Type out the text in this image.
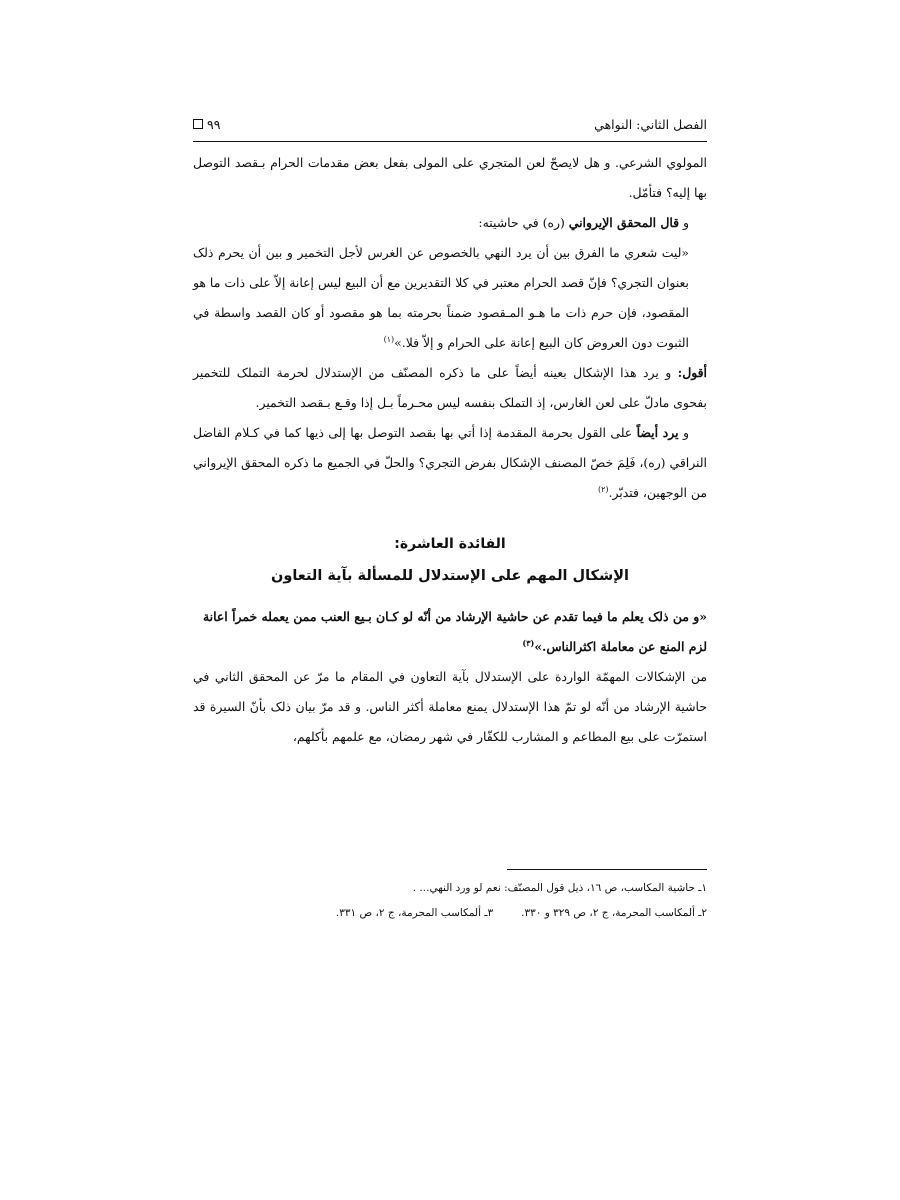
الفصل الثاني: النواهي
٩٩

المولوي الشرعي. و هل لايصحّ لعن المتجري على المولى بفعل بعض مقدمات الحرام بـقصد التوصل بها إليه؟ فتأمّل.

و قال المحقق الإيرواني (ره) في حاشيته:

«ليت شعري ما الفرق بين أن يرد النهي بالخصوص عن الغرس لأجل التخمير و بين أن يحرم ذلک بعنوان التجري؟ فإنّ قصد الحرام معتبر في كلا التقديرين مع أن البيع ليس إعانة إلاّ على ذات ما هو المقصود، فإن حرم ذات ما هـو المـقصود ضمناً بحرمته بما هو مقصود أو كان القصد واسطة في الثبوت دون العروض كان البيع إعانة على الحرام و إلاّ فلا.»$^{(١)}$

أقول: و يرد هذا الإشكال بعينه أيضاً على ما ذكره المصنّف من الإستدلال لحرمة التملک للتخمير بفحوى مادلّ على لعن الغارس، إذ التملک بنفسه ليس محـرماً بـل إذا وقـع بـقصد التخمير.

و يرد أيضاً على القول بحرمة المقدمة إذا أتي بها بقصد التوصل بها إلى ذيها كما في كـلام الفاضل النراقي (ره)، فَلِمَ خصّ المصنف الإشكال بفرض التجري؟ والحلّ في الجميع ما ذكره المحقق الإيرواني من الوجهين، فتدبّر.$^{(٢)}$

الفائدة العاشرة:
الإشكال المهم على الإستدلال للمسألة بآية التعاون

«و من ذلک يعلم ما فيما تقدم عن حاشية الإرشاد من أنّه لو كـان بـيع العنب ممن يعمله خمراً اعانة لزم المنع عن معاملة اكثرالناس.»$^{(٣)}$

من الإشكالات المهمّة الواردة على الإستدلال بآية التعاون في المقام ما مرّ عن المحقق الثاني في حاشية الإرشاد من أنّه لو تمّ هذا الإستدلال يمنع معاملة أكثر الناس. و قد مرّ بيان ذلک بأنّ السيرة قد استمرّت على بيع المطاعم و المشارب للكفّار في شهر رمضان، مع علمهم بأكلهم،

١ـ حاشية المكاسب، ص ١٦، ذيل قول المصنّف: نعم لو ورد النهي... .
٢ـ ألمكاسب المحرمة، ج ٢، ص ٣٢٩ و ٣٣٠.
٣ـ ألمكاسب المحرمة، ج ٢، ص ٣٣١.
